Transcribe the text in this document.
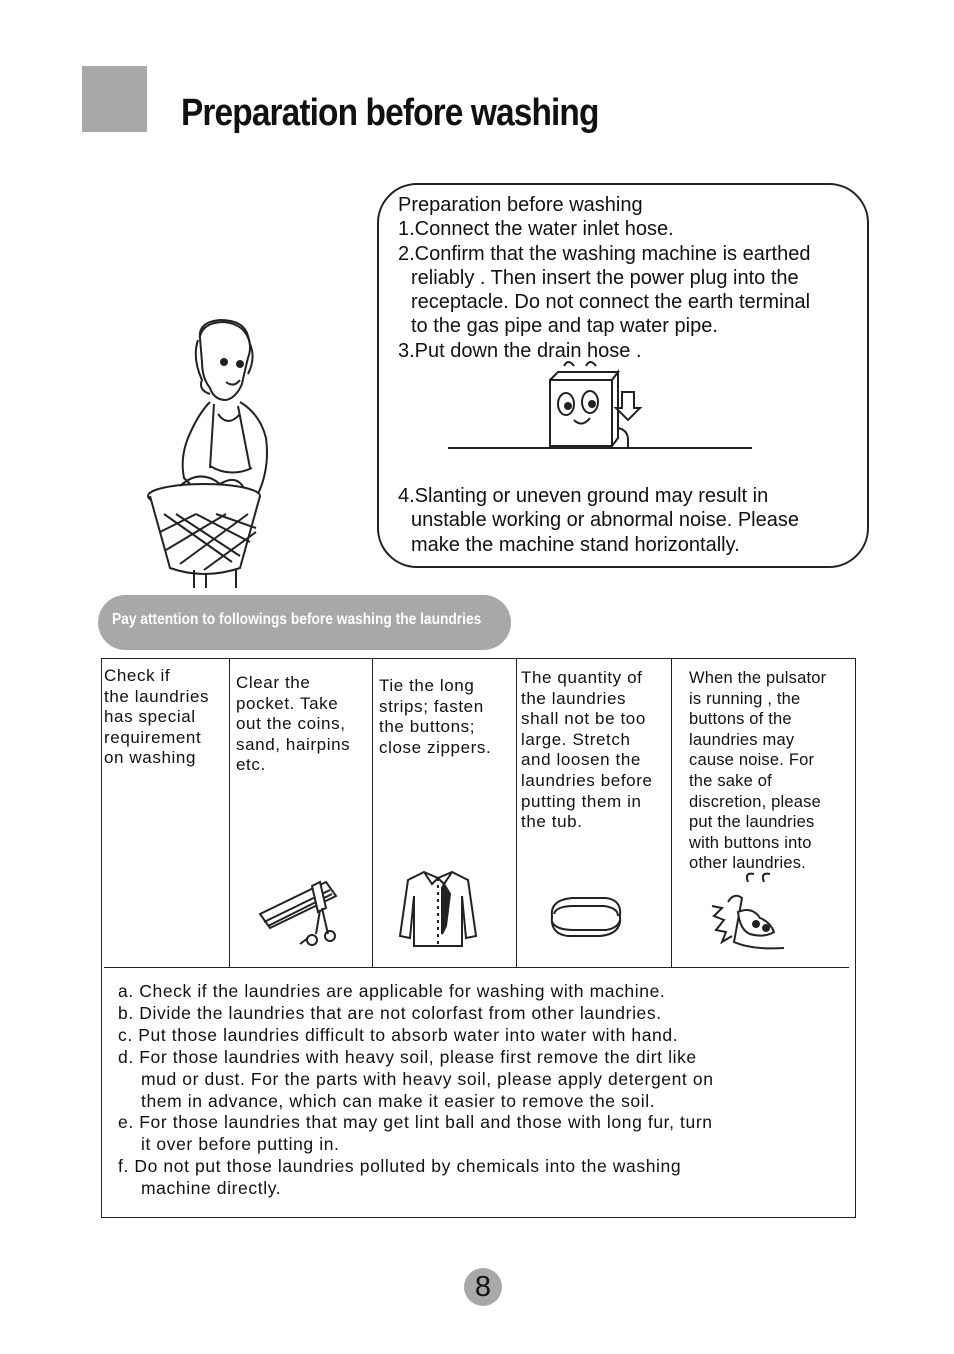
Preparation before washing
Preparation before washing
1.Connect the water inlet hose.
2.Confirm that the washing machine is earthed
reliably . Then insert the power plug into the
receptacle. Do not connect the earth terminal
to the gas pipe and tap water pipe.
3.Put down the drain hose .
4.Slanting or uneven ground may result in
unstable working or abnormal noise. Please
make the machine stand horizontally.
Pay attention to followings before washing the laundries
Check if
the laundries
has special
requirement
on washing
Clear the
pocket. Take
out the coins,
sand, hairpins
etc.
Tie the long
strips; fasten
the buttons;
close zippers.
The quantity of
the laundries
shall not be too
large. Stretch
and loosen the
laundries before
putting them in
the tub.
When the pulsator
is running , the
buttons of the
laundries may
cause noise. For
the sake of
discretion, please
put the laundries
with buttons into
other laundries.
a. Check if the laundries are applicable for washing with machine.
b. Divide the laundries that are not colorfast from other laundries.
c. Put those laundries difficult to absorb water into water with hand.
d. For those laundries with heavy soil, please first remove the dirt like
mud or dust. For the parts with heavy soil, please apply detergent on
them in advance, which can make it easier to remove the soil.
e. For those laundries that may get lint ball and those with long fur, turn
it over before putting in.
f. Do not put those laundries polluted by chemicals into the washing
machine directly.
8
